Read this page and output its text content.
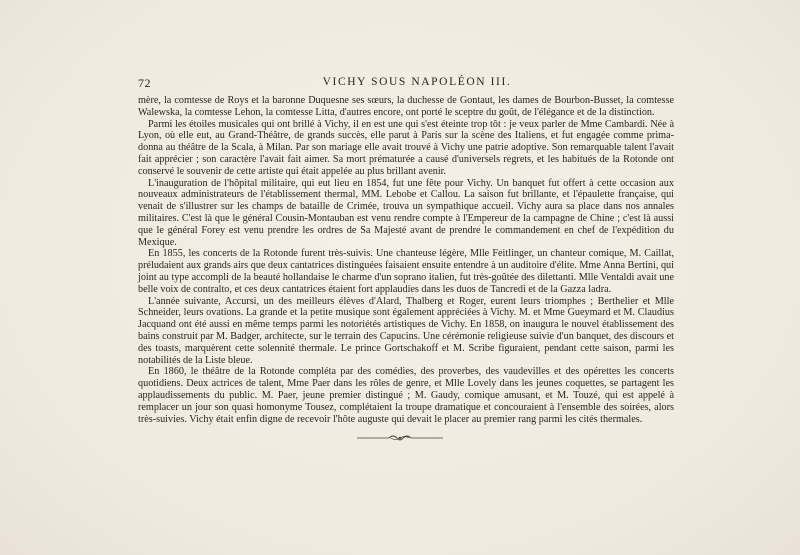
72	VICHY SOUS NAPOLÉON III.

mère, la comtesse de Roys et la baronne Duquesne ses sœurs, la duchesse de Gontaut, les dames de Bourbon-Busset, la comtesse Walewska, la comtesse Lehon, la comtesse Litta, d'autres encore, ont porté le sceptre du goût, de l'élégance et de la distinction.

Parmi les étoiles musicales qui ont brillé à Vichy, il en est une qui s'est éteinte trop tôt : je veux parler de Mme Cambardi. Née à Lyon, où elle eut, au Grand-Théâtre, de grands succès, elle parut à Paris sur la scène des Italiens, et fut engagée comme prima-donna au théâtre de la Scala, à Milan. Par son mariage elle avait trouvé à Vichy une patrie adoptive. Son remarquable talent l'avait fait apprécier ; son caractère l'avait fait aimer. Sa mort prématurée a causé d'universels regrets, et les habitués de la Rotonde ont conservé le souvenir de cette artiste qui était appelée au plus brillant avenir.

L'inauguration de l'hôpital militaire, qui eut lieu en 1854, fut une fête pour Vichy. Un banquet fut offert à cette occasion aux nouveaux administrateurs de l'établissement thermal, MM. Lebobe et Callou. La saison fut brillante, et l'épaulette française, qui venait de s'illustrer sur les champs de bataille de Crimée, trouva un sympathique accueil. Vichy aura sa place dans nos annales militaires. C'est là que le général Cousin-Montauban est venu rendre compte à l'Empereur de la campagne de Chine ; c'est là aussi que le général Forey est venu prendre les ordres de Sa Majesté avant de prendre le commandement en chef de l'expédition du Mexique.

En 1855, les concerts de la Rotonde furent très-suivis. Une chanteuse légère, Mlle Feitlinger, un chanteur comique, M. Caillat, préludaient aux grands airs que deux cantatrices distinguées faisaient ensuite entendre à un auditoire d'élite. Mme Anna Bertini, qui joint au type accompli de la beauté hollandaise le charme d'un soprano italien, fut très-goûtée des dilettanti. Mlle Ventaldi avait une belle voix de contralto, et ces deux cantatrices étaient fort applaudies dans les duos de Tancredi et de la Gazza ladra.

L'année suivante, Accursi, un des meilleurs élèves d'Alard, Thalberg et Roger, eurent leurs triomphes ; Berthelier et Mlle Schneider, leurs ovations. La grande et la petite musique sont également appréciées à Vichy. M. et Mme Gueymard et M. Claudius Jacquand ont été aussi en même temps parmi les notoriétés artistiques de Vichy. En 1858, on inaugura le nouvel établissement des bains construit par M. Badger, architecte, sur le terrain des Capucins. Une cérémonie religieuse suivie d'un banquet, des discours et des toasts, marquèrent cette solennité thermale. Le prince Gortschakoff et M. Scribe figuraient, pendant cette saison, parmi les notabilités de la Liste bleue.

En 1860, le théâtre de la Rotonde compléta par des comédies, des proverbes, des vaudevilles et des opérettes les concerts quotidiens. Deux actrices de talent, Mme Paer dans les rôles de genre, et Mlle Lovely dans les jeunes coquettes, se partagent les applaudissements du public. M. Paer, jeune premier distingué ; M. Gaudy, comique amusant, et M. Touzé, qui est appelé à remplacer un jour son quasi homonyme Tousez, complétaient la troupe dramatique et concouraient à l'ensemble des soirées, alors très-suivies. Vichy était enfin digne de recevoir l'hôte auguste qui devait le placer au premier rang parmi les cités thermales.
